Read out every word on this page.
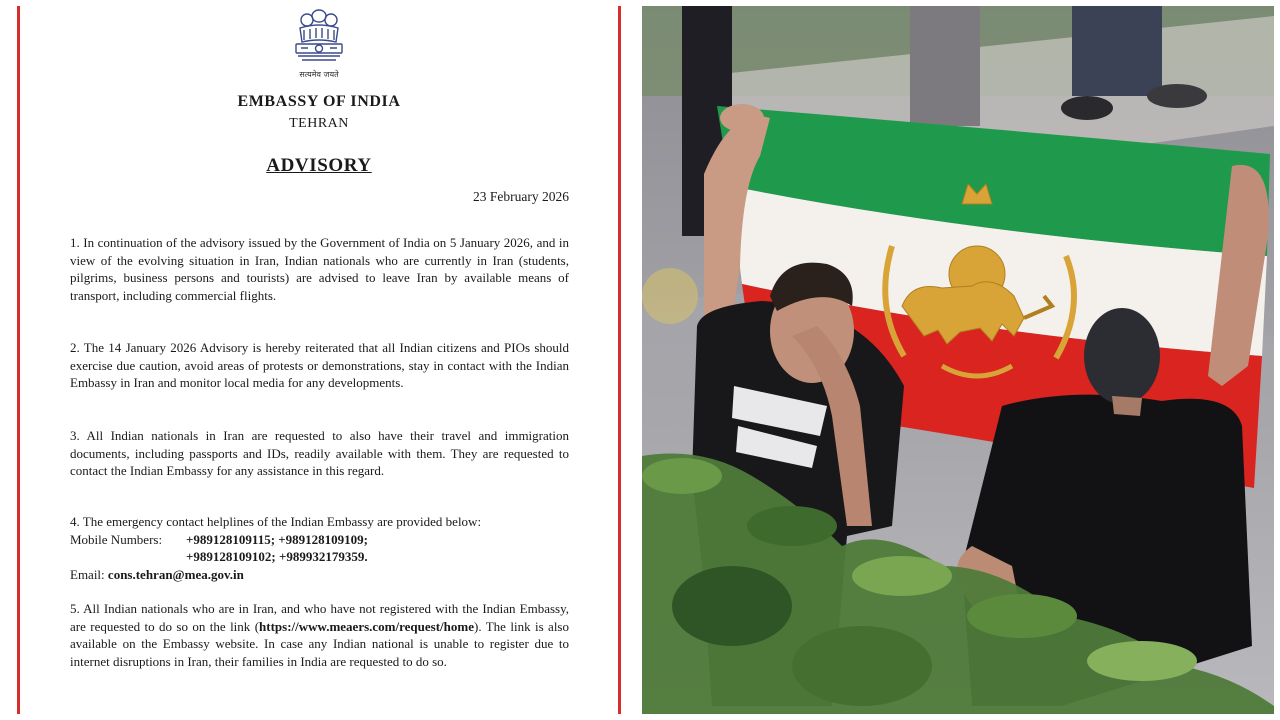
सत्यमेव जयते
EMBASSY OF INDIA
TEHRAN
ADVISORY
23 February 2026

1. In continuation of the advisory issued by the Government of India on 5 January 2026, and in view of the evolving situation in Iran, Indian nationals who are currently in Iran (students, pilgrims, business persons and tourists) are advised to leave Iran by available means of transport, including commercial flights.

2. The 14 January 2026 Advisory is hereby reiterated that all Indian citizens and PIOs should exercise due caution, avoid areas of protests or demonstrations, stay in contact with the Indian Embassy in Iran and monitor local media for any developments.

3. All Indian nationals in Iran are requested to also have their travel and immigration documents, including passports and IDs, readily available with them. They are requested to contact the Indian Embassy for any assistance in this regard.

4. The emergency contact helplines of the Indian Embassy are provided below:
Mobile Numbers:	+989128109115; +989128109109;
+989128109102; +989932179359.
Email: cons.tehran@mea.gov.in

5. All Indian nationals who are in Iran, and who have not registered with the Indian Embassy, are requested to do so on the link (https://www.meaers.com/request/home). The link is also available on the Embassy website. In case any Indian national is unable to register due to internet disruptions in Iran, their families in India are requested to do so.
